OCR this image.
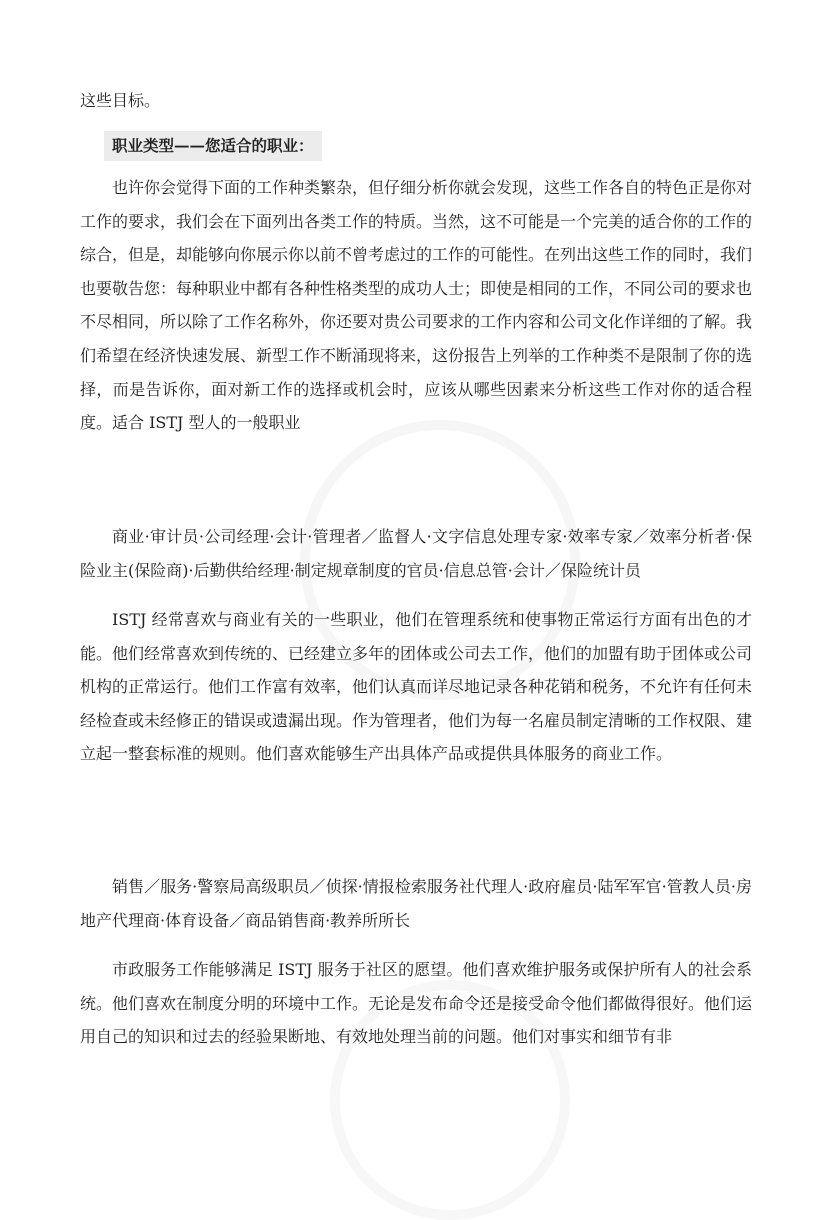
这些目标。

职业类型——您适合的职业：

也许你会觉得下面的工作种类繁杂，但仔细分析你就会发现，这些工作各自的特色正是你对工作的要求，我们会在下面列出各类工作的特质。当然，这不可能是一个完美的适合你的工作的综合，但是，却能够向你展示你以前不曾考虑过的工作的可能性。在列出这些工作的同时，我们也要敬告您：每种职业中都有各种性格类型的成功人士；即使是相同的工作，不同公司的要求也不尽相同，所以除了工作名称外，你还要对贵公司要求的工作内容和公司文化作详细的了解。我们希望在经济快速发展、新型工作不断涌现将来，这份报告上列举的工作种类不是限制了你的选择，而是告诉你，面对新工作的选择或机会时，应该从哪些因素来分析这些工作对你的适合程度。适合 ISTJ 型人的一般职业

商业·审计员·公司经理·会计·管理者／监督人·文字信息处理专家·效率专家／效率分析者·保险业主(保险商)·后勤供给经理·制定规章制度的官员·信息总管·会计／保险统计员

ISTJ 经常喜欢与商业有关的一些职业，他们在管理系统和使事物正常运行方面有出色的才能。他们经常喜欢到传统的、已经建立多年的团体或公司去工作，他们的加盟有助于团体或公司机构的正常运行。他们工作富有效率，他们认真而详尽地记录各种花销和税务，不允许有任何未经检查或未经修正的错误或遗漏出现。作为管理者，他们为每一名雇员制定清晰的工作权限、建立起一整套标准的规则。他们喜欢能够生产出具体产品或提供具体服务的商业工作。

销售／服务·警察局高级职员／侦探·情报检索服务社代理人·政府雇员·陆军军官·管教人员·房地产代理商·体育设备／商品销售商·教养所所长

市政服务工作能够满足 ISTJ 服务于社区的愿望。他们喜欢维护服务或保护所有人的社会系统。他们喜欢在制度分明的环境中工作。无论是发布命令还是接受命令他们都做得很好。他们运用自己的知识和过去的经验果断地、有效地处理当前的问题。他们对事实和细节有非
